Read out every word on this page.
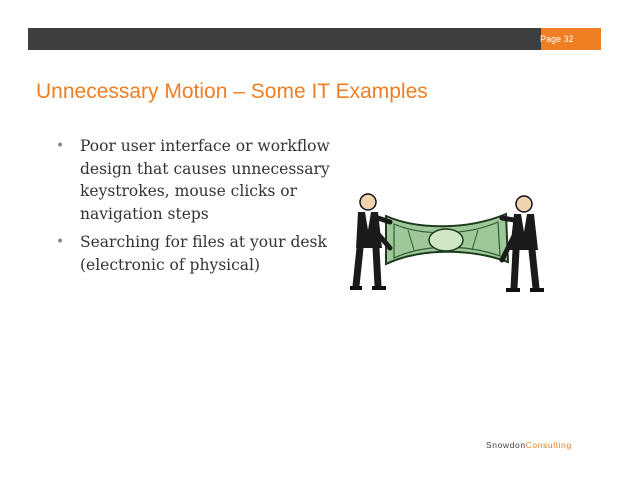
Page 32
Unnecessary Motion – Some IT Examples
• Poor user interface or workflow design that causes unnecessary keystrokes, mouse clicks or navigation steps
• Searching for files at your desk (electronic of physical)
SnowdonConsulting
